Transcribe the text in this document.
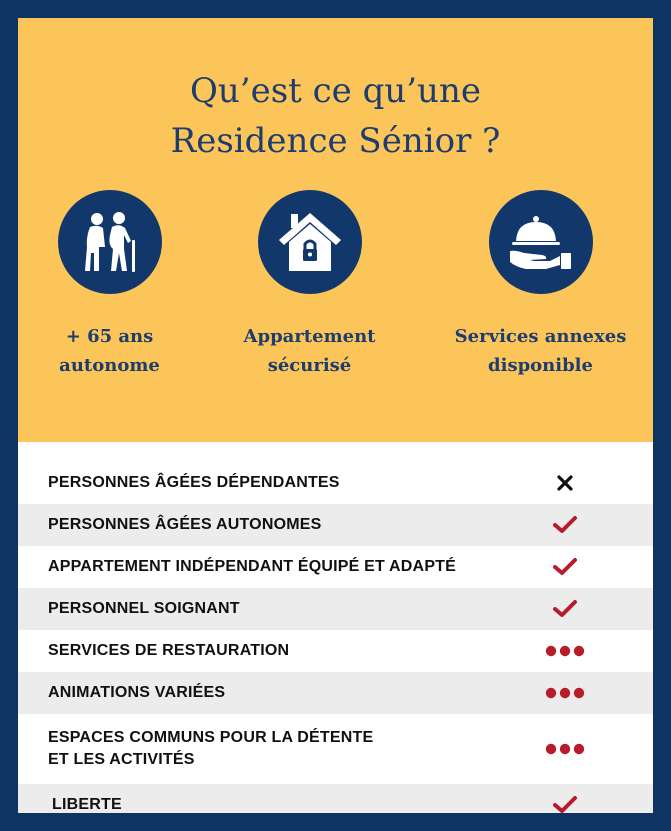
Qu’est ce qu’une
Residence Sénior ?
+ 65 ans
autonome
Appartement
sécurisé
Services annexes
disponible
PERSONNES ÂGÉES DÉPENDANTES
PERSONNES ÂGÉES AUTONOMES
APPARTEMENT INDÉPENDANT ÉQUIPÉ ET ADAPTÉ
PERSONNEL SOIGNANT
SERVICES DE RESTAURATION
ANIMATIONS VARIÉES
ESPACES COMMUNS POUR LA DÉTENTE
ET LES ACTIVITÉS
LIBERTE
